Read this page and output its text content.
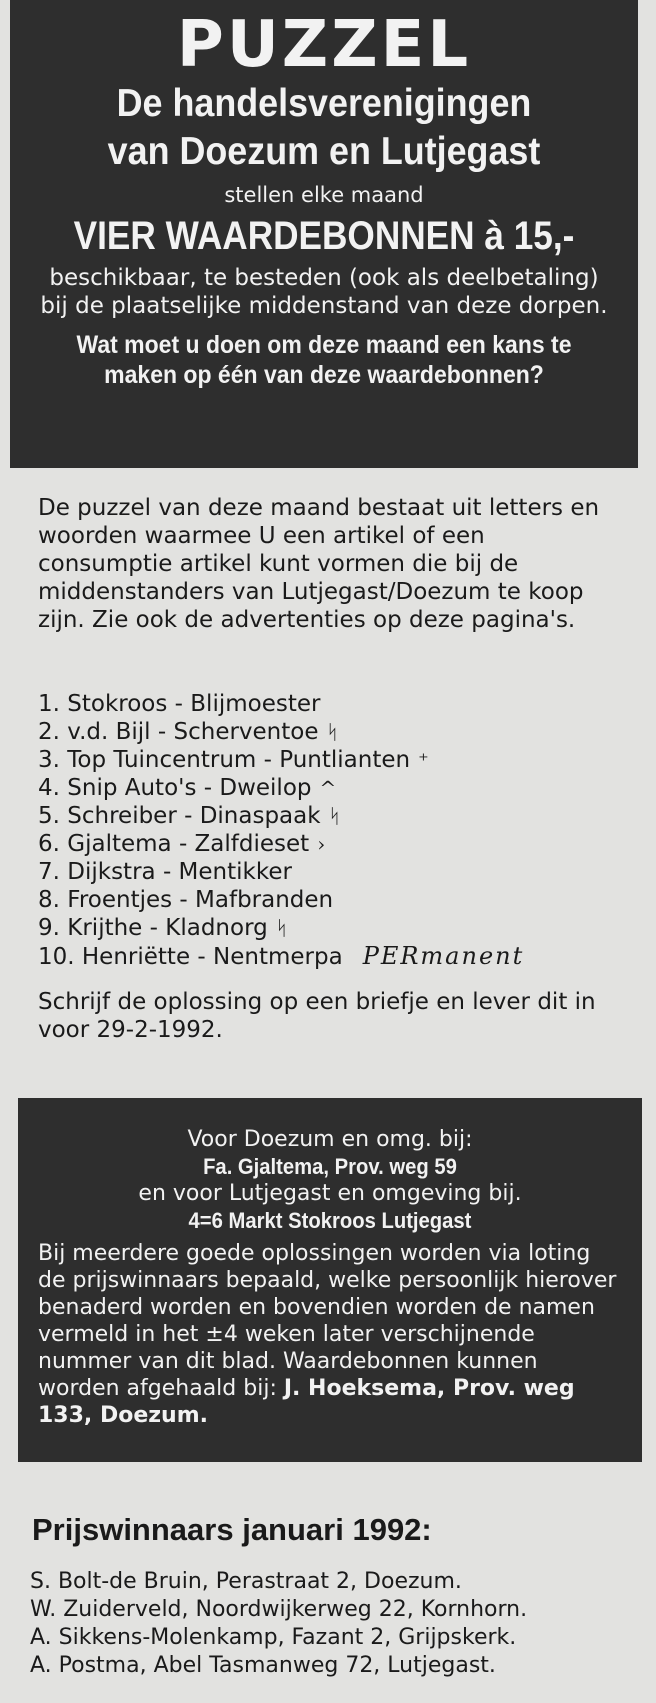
PUZZEL

De handelsverenigingen

van Doezum en Lutjegast

stellen elke maand

VIER WAARDEBONNEN à 15,-

beschikbaar, te besteden (ook als deelbetaling) bij de plaatselijke middenstand van deze dorpen.

Wat moet u doen om deze maand een kans te maken op één van deze waardebonnen?

De puzzel van deze maand bestaat uit letters en woorden waarmee U een artikel of een consumptie artikel kunt vormen die bij de middenstanders van Lutjegast/Doezum te koop zijn. Zie ook de advertenties op deze pagina's.

1. Stokroos - Blijmoester
2. v.d. Bijl - Scherventoe ᛋ
3. Top Tuincentrum - Puntlianten ⁺
4. Snip Auto's - Dweilop ^
5. Schreiber - Dinaspaak ᛋ
6. Gjaltema - Zalfdieset ›
7. Dijkstra - Mentikker
8. Froentjes - Mafbranden
9. Krijthe - Kladnorg ᛋ
10. Henriëtte - Nentmerpa PERmanent

Schrijf de oplossing op een briefje en lever dit in voor 29-2-1992.

Voor Doezum en omg. bij:
Fa. Gjaltema, Prov. weg 59
en voor Lutjegast en omgeving bij.
4=6 Markt Stokroos Lutjegast
Bij meerdere goede oplossingen worden via loting de prijswinnaars bepaald, welke persoonlijk hierover benaderd worden en bovendien worden de namen vermeld in het ±4 weken later verschijnende nummer van dit blad. Waardebonnen kunnen worden afgehaald bij: J. Hoeksema, Prov. weg 133, Doezum.
Prijswinnaars januari 1992:
S. Bolt-de Bruin, Perastraat 2, Doezum.
W. Zuiderveld, Noordwijkerweg 22, Kornhorn.
A. Sikkens-Molenkamp, Fazant 2, Grijpskerk.
A. Postma, Abel Tasmanweg 72, Lutjegast.
